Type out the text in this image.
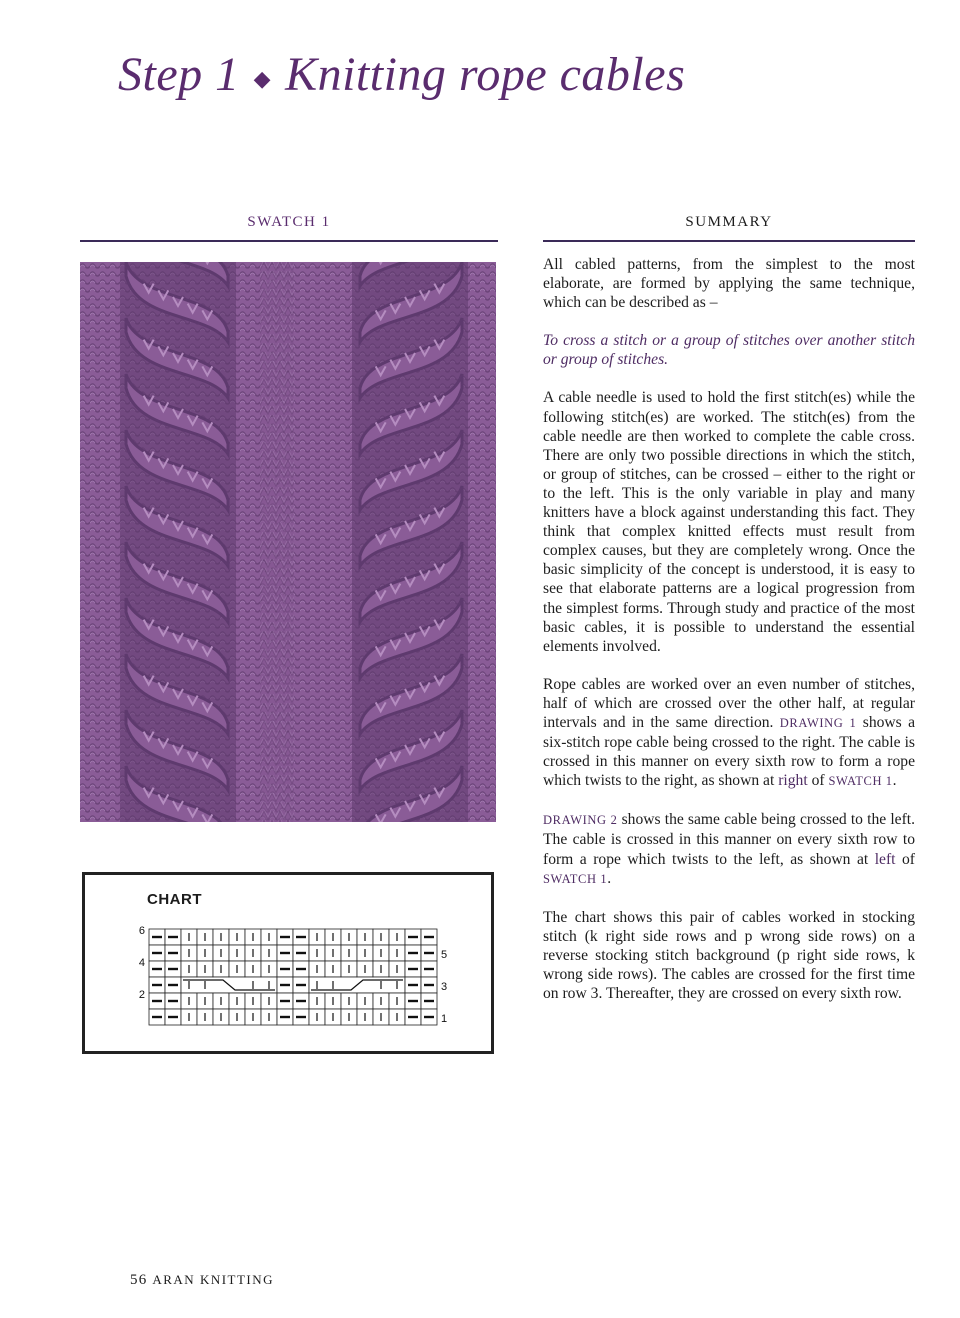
Step 1 ◆ Knitting rope cables
SWATCH 1	SUMMARY
CHART
6
4
2
5
3
1

All cabled patterns, from the simplest to the most elaborate, are formed by applying the same technique, which can be described as –

To cross a stitch or a group of stitches over another stitch or group of stitches.

A cable needle is used to hold the first stitch(es) while the following stitch(es) are worked. The stitch(es) from the cable needle are then worked to complete the cable cross. There are only two possible directions in which the stitch, or group of stitches, can be crossed – either to the right or to the left. This is the only variable in play and many knitters have a block against understanding this fact. They think that complex knitted effects must result from complex causes, but they are completely wrong. Once the basic simplicity of the concept is understood, it is easy to see that elaborate patterns are a logical progression from the simplest forms. Through study and practice of the most basic cables, it is possible to understand the essential elements involved.

Rope cables are worked over an even number of stitches, half of which are crossed over the other half, at regular intervals and in the same direction. DRAWING 1 shows a six-stitch rope cable being crossed to the right. The cable is crossed in this manner on every sixth row to form a rope which twists to the right, as shown at right of SWATCH 1.

DRAWING 2 shows the same cable being crossed to the left. The cable is crossed in this manner on every sixth row to form a rope which twists to the left, as shown at left of SWATCH 1.

The chart shows this pair of cables worked in stocking stitch (k right side rows and p wrong side rows) on a reverse stocking stitch background (p right side rows, k wrong side rows). The cables are crossed for the first time on row 3. Thereafter, they are crossed on every sixth row.

56 ARAN KNITTING
